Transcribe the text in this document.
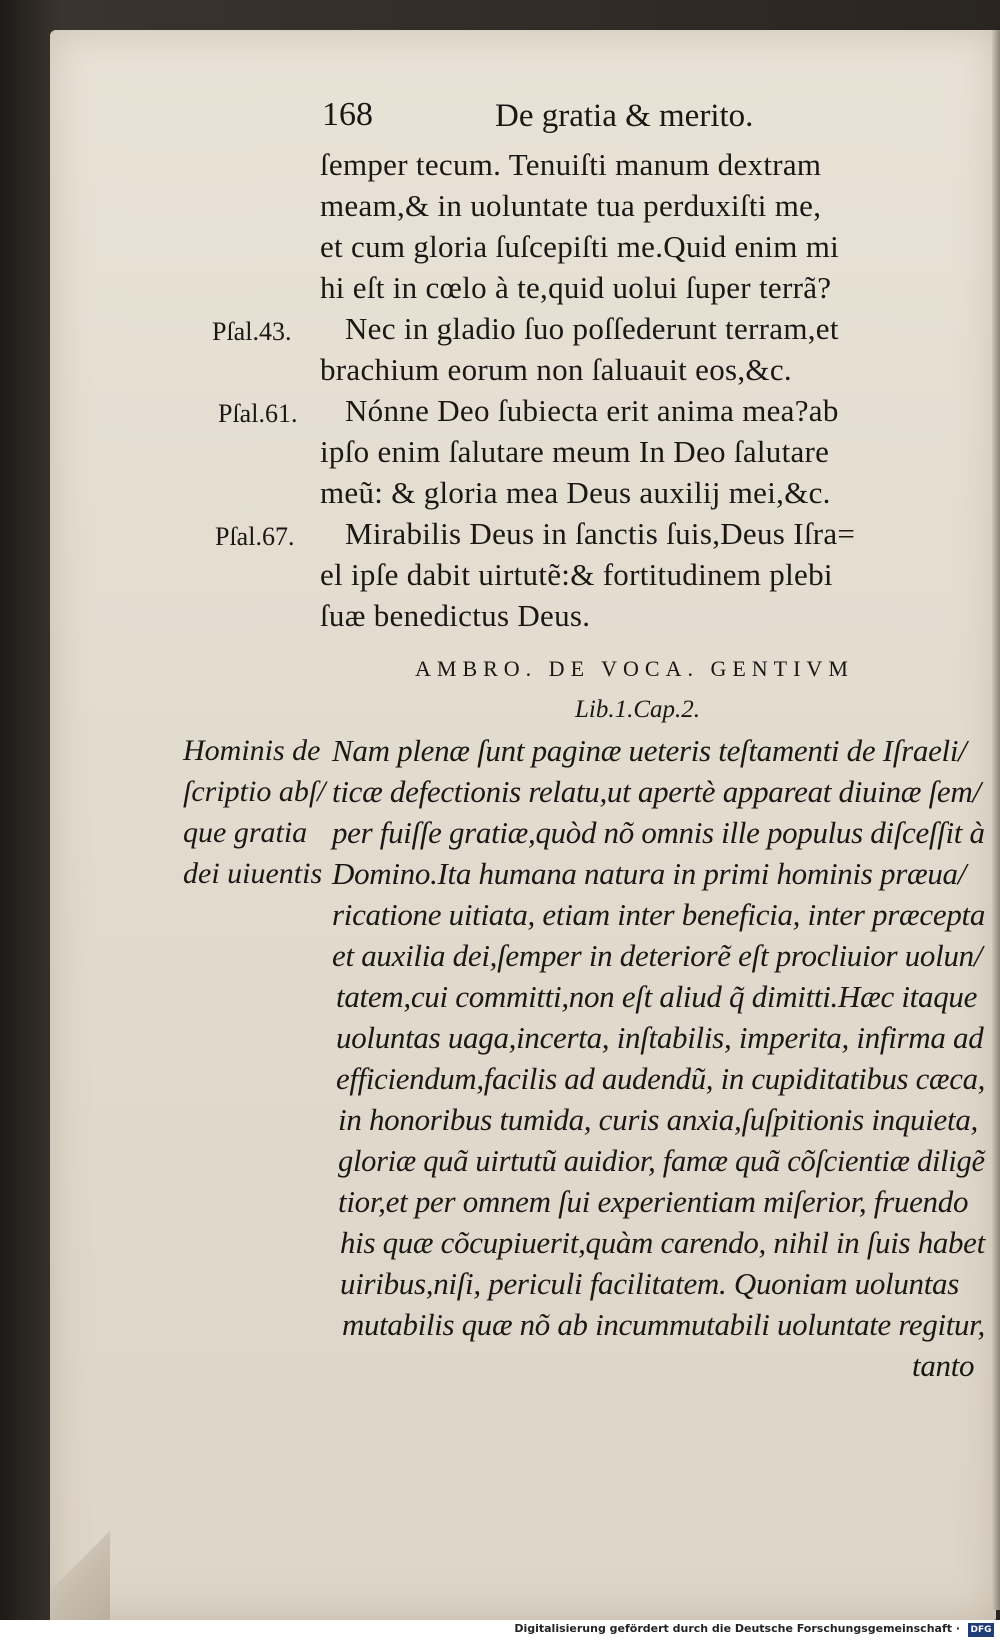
168	De gratia & merito.
ſemper tecum. Tenuiſti manum dextram
meam,& in uoluntate tua perduxiſti me,
et cum gloria ſuſcepiſti me.Quid enim mi
hi eſt in cœlo à te,quid uolui ſuper terrã?
Nec in gladio ſuo poſſederunt terram,et
brachium eorum non ſaluauit eos,&c.
Nónne Deo ſubiecta erit anima mea?ab
ipſo enim ſalutare meum In Deo ſalutare
meũ: & gloria mea Deus auxilij mei,&c.
Mirabilis Deus in ſanctis ſuis,Deus Iſra=
el ipſe dabit uirtutẽ:& fortitudinem plebi
ſuæ benedictus Deus.
Pſal.43.
Pſal.61.
Pſal.67.
AMBRO. DE VOCA. GENTIVM
Lib.1.Cap.2.
Hominis de
ſcriptio abſ/
que gratia
dei uiuentis
Nam plenæ ſunt paginæ ueteris teſtamenti de Iſraeli/
ticæ defectionis relatu,ut apertè appareat diuinæ ſem/
per fuiſſe gratiæ,quòd nõ omnis ille populus diſceſſit à
Domino.Ita humana natura in primi hominis præua/
ricatione uitiata, etiam inter beneficia, inter præcepta
et auxilia dei,ſemper in deteriorẽ eſt procliuior uolun/
tatem,cui committi,non eſt aliud q̃ dimitti.Hæc itaque
uoluntas uaga,incerta, inſtabilis, imperita, infirma ad
efficiendum,facilis ad audendũ, in cupiditatibus cæca,
in honoribus tumida, curis anxia,ſuſpitionis inquieta,
gloriæ quã uirtutũ auidior, famæ quã cõſcientiæ diligẽ
tior,et per omnem ſui experientiam miſerior, fruendo
his quæ cõcupiuerit,quàm carendo, nihil in ſuis habet
uiribus,niſi, periculi facilitatem. Quoniam uoluntas
mutabilis quæ nõ ab incummutabili uoluntate regitur,
tanto
Digitalisierung gefördert durch die Deutsche Forschungsgemeinschaft · DFG
